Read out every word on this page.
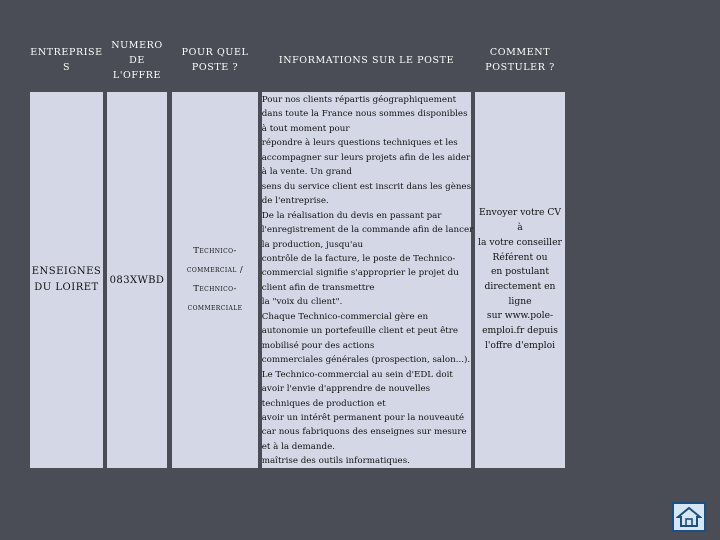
ENTREPRISE
S
NUMERO
DE
L'OFFRE
POUR QUEL
POSTE ?
INFORMATIONS SUR LE POSTE
COMMENT
POSTULER ?
ENSEIGNES
DU LOIRET
083XWBD
Technico-
commercial /
Technico-
commerciale
Pour nos clients répartis géographiquement
dans toute la France nous sommes disponibles
à tout moment pour
répondre à leurs questions techniques et les
accompagner sur leurs projets afin de les aider
à la vente. Un grand
sens du service client est inscrit dans les gènes
de l'entreprise.
De la réalisation du devis en passant par
l'enregistrement de la commande afin de lancer
la production, jusqu'au
contrôle de la facture, le poste de Technico-
commercial signifie s'approprier le projet du
client afin de transmettre
la "voix du client".
Chaque Technico-commercial gère en
autonomie un portefeuille client et peut être
mobilisé pour des actions
commerciales générales (prospection, salon...).
Le Technico-commercial au sein d'EDL doit
avoir l'envie d'apprendre de nouvelles
techniques de production et
avoir un intérêt permanent pour la nouveauté
car nous fabriquons des enseignes sur mesure
et à la demande.
maîtrise des outils informatiques.
Envoyer votre CV à
la votre conseiller
Référent ou
en postulant
directement en ligne
sur www.pole-
emploi.fr depuis
l'offre d'emploi
